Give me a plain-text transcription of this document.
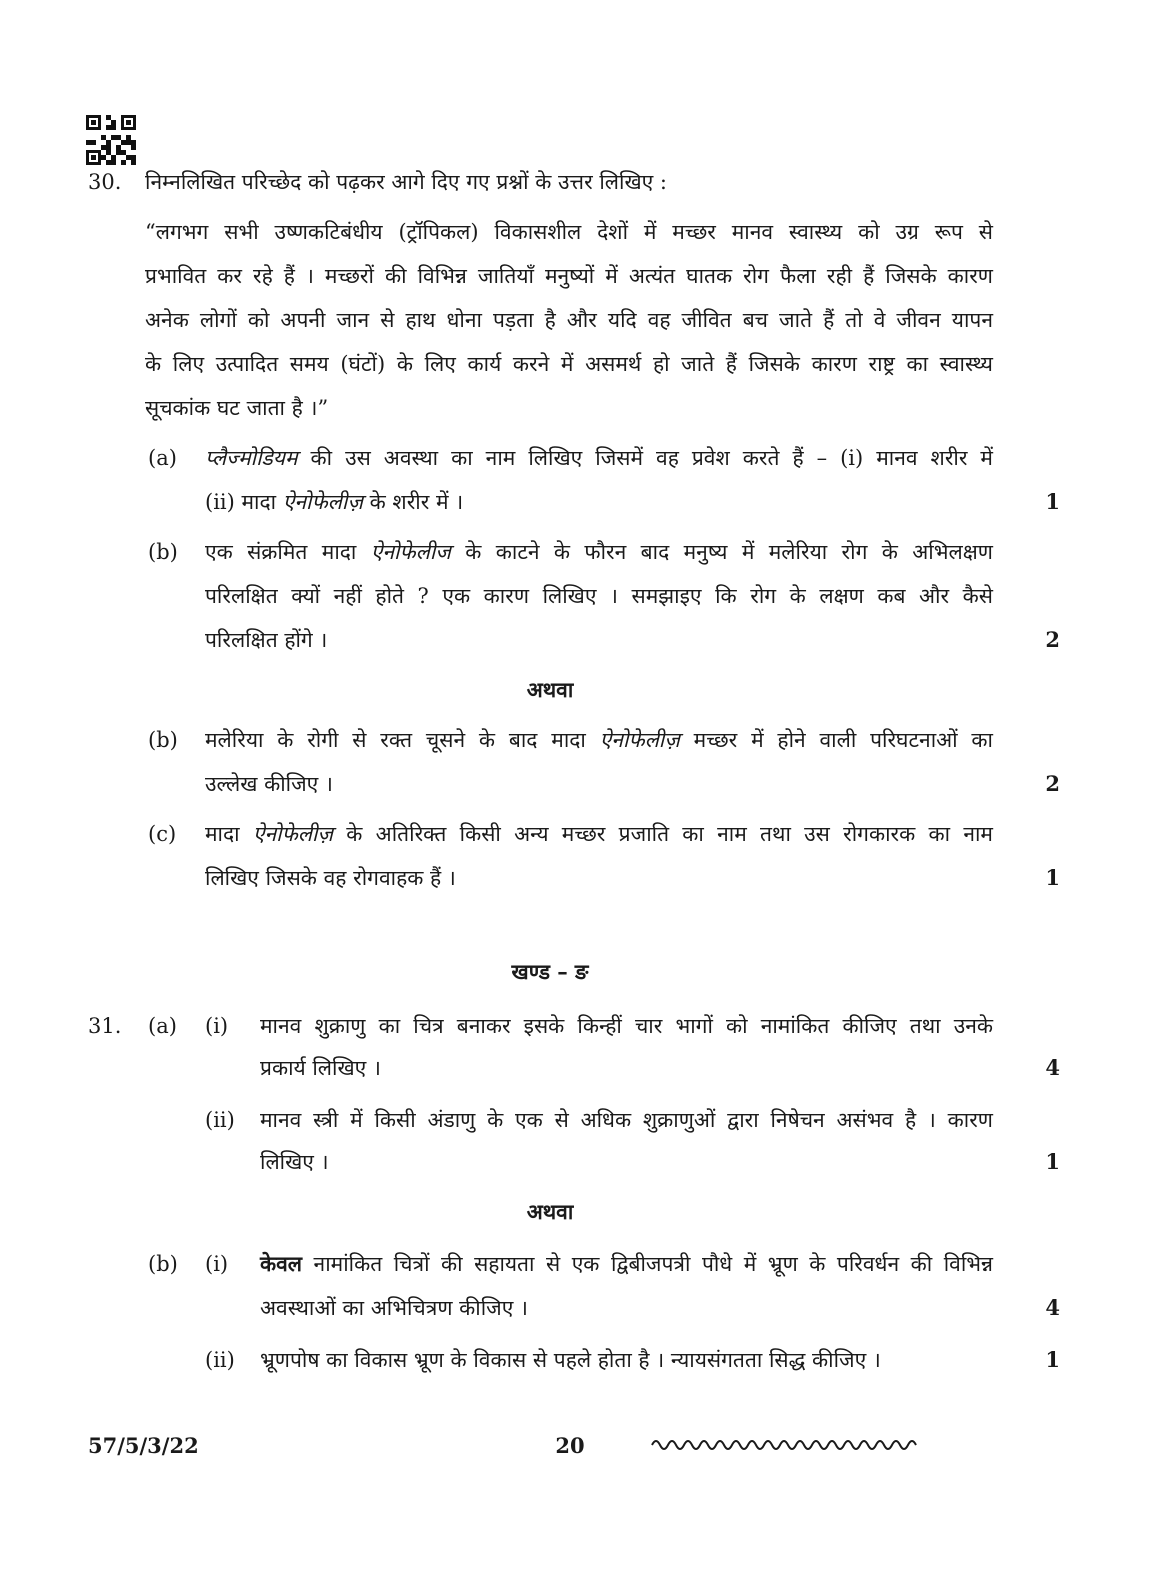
30. निम्नलिखित परिच्छेद को पढ़कर आगे दिए गए प्रश्नों के उत्तर लिखिए :
“लगभग सभी उष्णकटिबंधीय (ट्रॉपिकल) विकासशील देशों में मच्छर मानव स्वास्थ्य को उग्र रूप से
प्रभावित कर रहे हैं । मच्छरों की विभिन्न जातियाँ मनुष्यों में अत्यंत घातक रोग फैला रही हैं जिसके कारण
अनेक लोगों को अपनी जान से हाथ धोना पड़ता है और यदि वह जीवित बच जाते हैं तो वे जीवन यापन
के लिए उत्पादित समय (घंटों) के लिए कार्य करने में असमर्थ हो जाते हैं जिसके कारण राष्ट्र का स्वास्थ्य
सूचकांक घट जाता है ।”
(a) प्लैज्मोडियम की उस अवस्था का नाम लिखिए जिसमें वह प्रवेश करते हैं – (i) मानव शरीर में
(ii) मादा ऐनोफेलीज़ के शरीर में ।	1
(b) एक संक्रमित मादा ऐनोफेलीज के काटने के फौरन बाद मनुष्य में मलेरिया रोग के अभिलक्षण
परिलक्षित क्यों नहीं होते ? एक कारण लिखिए । समझाइए कि रोग के लक्षण कब और कैसे
परिलक्षित होंगे ।	2
अथवा
(b) मलेरिया के रोगी से रक्त चूसने के बाद मादा ऐनोफेलीज़ मच्छर में होने वाली परिघटनाओं का
उल्लेख कीजिए ।	2
(c) मादा ऐनोफेलीज़ के अतिरिक्त किसी अन्य मच्छर प्रजाति का नाम तथा उस रोगकारक का नाम
लिखिए जिसके वह रोगवाहक हैं ।	1
खण्ड – ङ
31. (a) (i) मानव शुक्राणु का चित्र बनाकर इसके किन्हीं चार भागों को नामांकित कीजिए तथा उनके
प्रकार्य लिखिए ।	4
(ii) मानव स्त्री में किसी अंडाणु के एक से अधिक शुक्राणुओं द्वारा निषेचन असंभव है । कारण
लिखिए ।	1
अथवा
(b) (i) केवल नामांकित चित्रों की सहायता से एक द्विबीजपत्री पौधे में भ्रूण के परिवर्धन की विभिन्न
अवस्थाओं का अभिचित्रण कीजिए ।	4
(ii) भ्रूणपोष का विकास भ्रूण के विकास से पहले होता है । न्यायसंगतता सिद्ध कीजिए ।	1
57/5/3/22	20
